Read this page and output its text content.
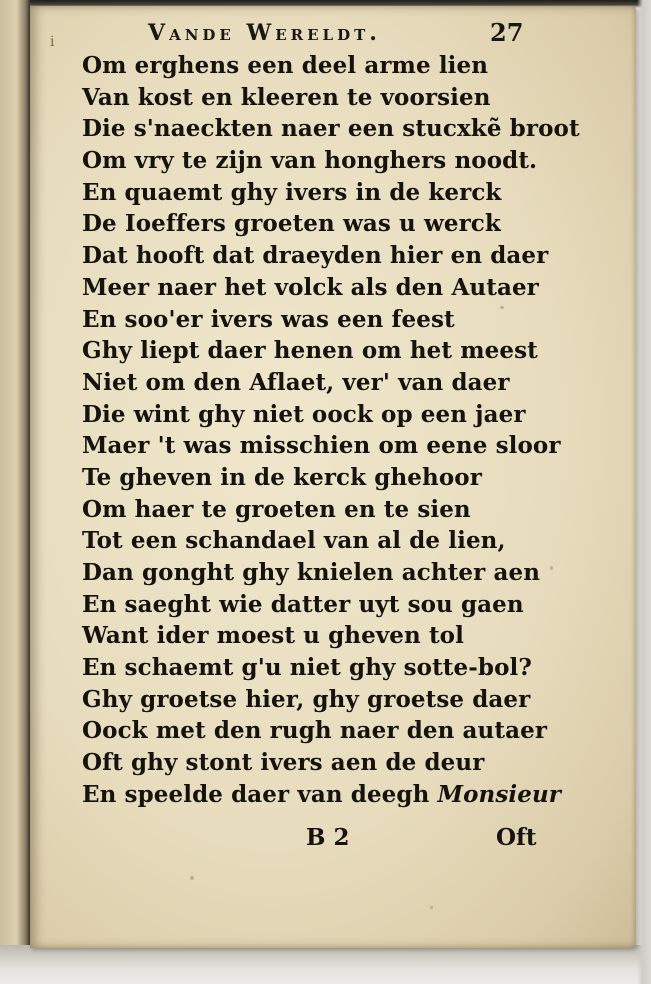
i	Vande Wereldt.	27
Om erghens een deel arme lien
Van kost en kleeren te voorsien
Die s'naeckten naer een stucxkẽ broot
Om vry te zijn van honghers noodt.
En quaemt ghy ivers in de kerck
De Ioeffers groeten was u werck
Dat hooft dat draeyden hier en daer
Meer naer het volck als den Autaer
En soo'er ivers was een feest
Ghy liept daer henen om het meest
Niet om den Aflaet, ver' van daer
Die wint ghy niet oock op een jaer
Maer 't was misschien om eene sloor
Te gheven in de kerck ghehoor
Om haer te groeten en te sien
Tot een schandael van al de lien,
Dan gonght ghy knielen achter aen
En saeght wie datter uyt sou gaen
Want ider moest u gheven tol
En schaemt g'u niet ghy sotte-bol?
Ghy groetse hier, ghy groetse daer
Oock met den rugh naer den autaer
Oft ghy stont ivers aen de deur
En speelde daer van deegh Monsieur
B 2	Oft
